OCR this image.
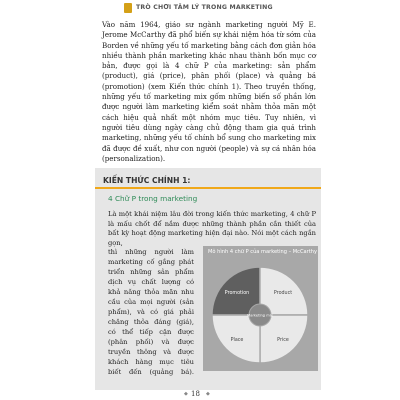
TRÒ CHƠI TÂM LÝ TRONG MARKETING

Vào năm 1964, giáo sư ngành marketing người Mỹ E. Jerome McCarthy đã phổ biến sự khái niệm hóa từ sớm của Borden về những yếu tố marketing bằng cách đơn giản hóa nhiều thành phần marketing khác nhau thành bốn mục cơ bản, được gọi là 4 chữ P của marketing: sản phẩm (product), giá (price), phân phối (place) và quảng bá (promotion) (xem Kiến thức chính 1). Theo truyền thống, những yếu tố marketing mix gốm những biến số phần lớn được người làm marketing kiểm soát nhằm thỏa mãn một cách hiệu quả nhất một nhóm mục tiêu. Tuy nhiên, vì người tiêu dùng ngày càng chủ động tham gia quá trình marketing, những yếu tố chính bổ sung cho marketing mix đã được đề xuất, như con người (people) và sự cá nhân hóa (personalization).

KIẾN THỨC CHÍNH 1:
4 Chữ P trong marketing

Là một khái niệm lâu đời trong kiến thức marketing, 4 chữ P là mấu chốt để nắm được những thành phần cần thiết của bất kỳ hoạt động marketing hiện đại nào. Nói một cách ngắn gọn,

thì những người làm
marketing cố gắng phát
triển những sản phẩm
dịch vụ chất lượng có
khả năng thỏa mãn nhu
cầu của mọi người (sản
phẩm), và có giá phải
chăng thỏa đáng (giá),
có thể tiếp cận được
(phân phối) và được
truyền thông và được
khách hàng mục tiêu
biết đến (quảng bá).
Mô hình 4 chữ P của marketing – McCarthy
Marketing mix
Promotion	Product
Place	Price
◆ 18 ◆
